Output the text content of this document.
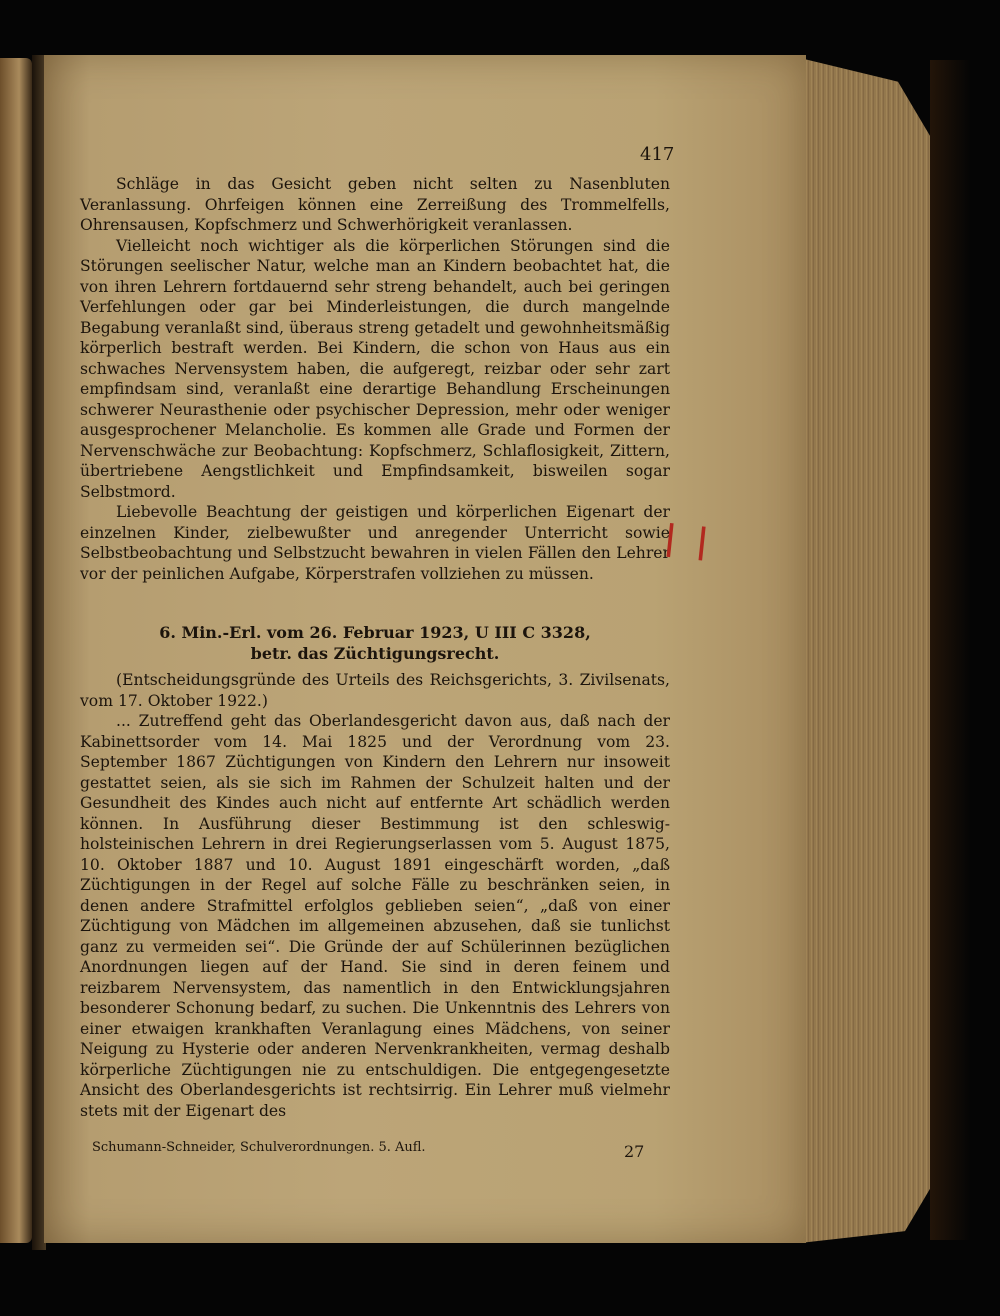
417

Schläge in das Gesicht geben nicht selten zu Nasenbluten Veranlassung. Ohrfeigen können eine Zerreißung des Trommelfells, Ohrensausen, Kopfschmerz und Schwerhörigkeit veranlassen.

Vielleicht noch wichtiger als die körperlichen Störungen sind die Störungen seelischer Natur, welche man an Kindern beobachtet hat, die von ihren Lehrern fortdauernd sehr streng behandelt, auch bei geringen Verfehlungen oder gar bei Minderleistungen, die durch mangelnde Begabung veranlaßt sind, überaus streng getadelt und gewohnheitsmäßig körperlich bestraft werden. Bei Kindern, die schon von Haus aus ein schwaches Nervensystem haben, die aufgeregt, reizbar oder sehr zart empfindsam sind, veranlaßt eine derartige Behandlung Erscheinungen schwerer Neurasthenie oder psychischer Depression, mehr oder weniger ausgesprochener Melancholie. Es kommen alle Grade und Formen der Nervenschwäche zur Beobachtung: Kopfschmerz, Schlaflosigkeit, Zittern, übertriebene Aengstlichkeit und Empfindsamkeit, bisweilen sogar Selbstmord.

Liebevolle Beachtung der geistigen und körperlichen Eigenart der einzelnen Kinder, zielbewußter und anregender Unterricht sowie Selbstbeobachtung und Selbstzucht bewahren in vielen Fällen den Lehrer vor der peinlichen Aufgabe, Körperstrafen vollziehen zu müssen.

6. Min.-Erl. vom 26. Februar 1923, U III C 3328,
betr. das Züchtigungsrecht.

(Entscheidungsgründe des Urteils des Reichsgerichts, 3. Zivilsenats, vom 17. Oktober 1922.)

... Zutreffend geht das Oberlandesgericht davon aus, daß nach der Kabinettsorder vom 14. Mai 1825 und der Verordnung vom 23. September 1867 Züchtigungen von Kindern den Lehrern nur insoweit gestattet seien, als sie sich im Rahmen der Schulzeit halten und der Gesundheit des Kindes auch nicht auf entfernte Art schädlich werden können. In Ausführung dieser Bestimmung ist den schleswig-holsteinischen Lehrern in drei Regierungserlassen vom 5. August 1875, 10. Oktober 1887 und 10. August 1891 eingeschärft worden, „daß Züchtigungen in der Regel auf solche Fälle zu beschränken seien, in denen andere Strafmittel erfolglos geblieben seien“, „daß von einer Züchtigung von Mädchen im allgemeinen abzusehen, daß sie tunlichst ganz zu vermeiden sei“. Die Gründe der auf Schülerinnen bezüglichen Anordnungen liegen auf der Hand. Sie sind in deren feinem und reizbarem Nervensystem, das namentlich in den Entwicklungsjahren besonderer Schonung bedarf, zu suchen. Die Unkenntnis des Lehrers von einer etwaigen krankhaften Veranlagung eines Mädchens, von seiner Neigung zu Hysterie oder anderen Nervenkrankheiten, vermag deshalb körperliche Züchtigungen nie zu entschuldigen. Die entgegengesetzte Ansicht des Oberlandesgerichts ist rechtsirrig. Ein Lehrer muß vielmehr stets mit der Eigenart des

| |
Schumann-Schneider, Schulverordnungen. 5. Aufl.	27
